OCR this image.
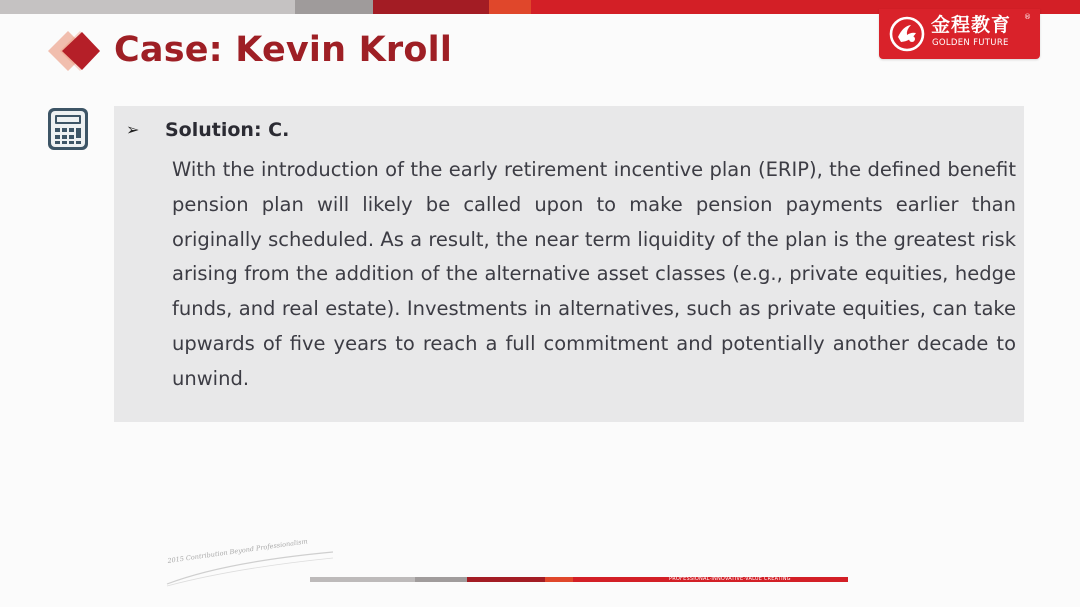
Case: Kevin Kroll
金程教育 ®
GOLDEN FUTURE
➢ Solution: C.

With the introduction of the early retirement incentive plan (ERIP), the defined benefit pension plan will likely be called upon to make pension payments earlier than originally scheduled. As a result, the near term liquidity of the plan is the greatest risk arising from the addition of the alternative asset classes (e.g., private equities, hedge funds, and real estate). Investments in alternatives, such as private equities, can take upwards of five years to reach a full commitment and potentially another decade to unwind.

2015 Contribution Beyond Professionalism
PROFESSIONAL·INNOVATIVE·VALUE CREATING
